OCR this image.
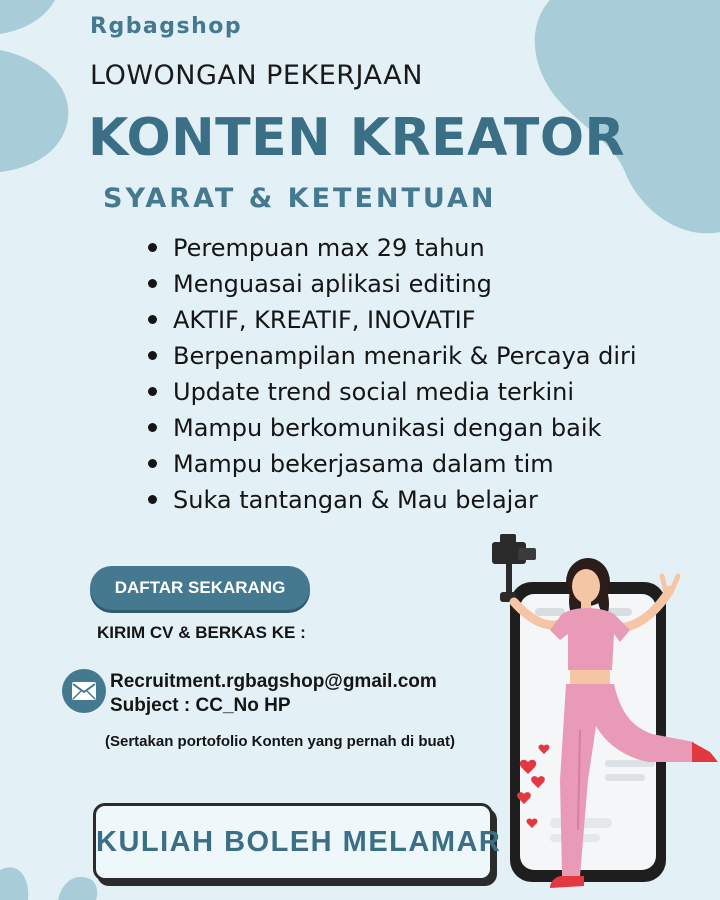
Rgbagshop
LOWONGAN PEKERJAAN
KONTEN KREATOR
SYARAT & KETENTUAN
Perempuan max 29 tahun
Menguasai aplikasi editing
AKTIF, KREATIF, INOVATIF
Berpenampilan menarik & Percaya diri
Update trend social media terkini
Mampu berkomunikasi dengan baik
Mampu bekerjasama dalam tim
Suka tantangan & Mau belajar
DAFTAR SEKARANG
KIRIM CV & BERKAS KE :
Recruitment.rgbagshop@gmail.com
Subject : CC_No HP
(Sertakan portofolio Konten yang pernah di buat)
KULIAH BOLEH MELAMAR
